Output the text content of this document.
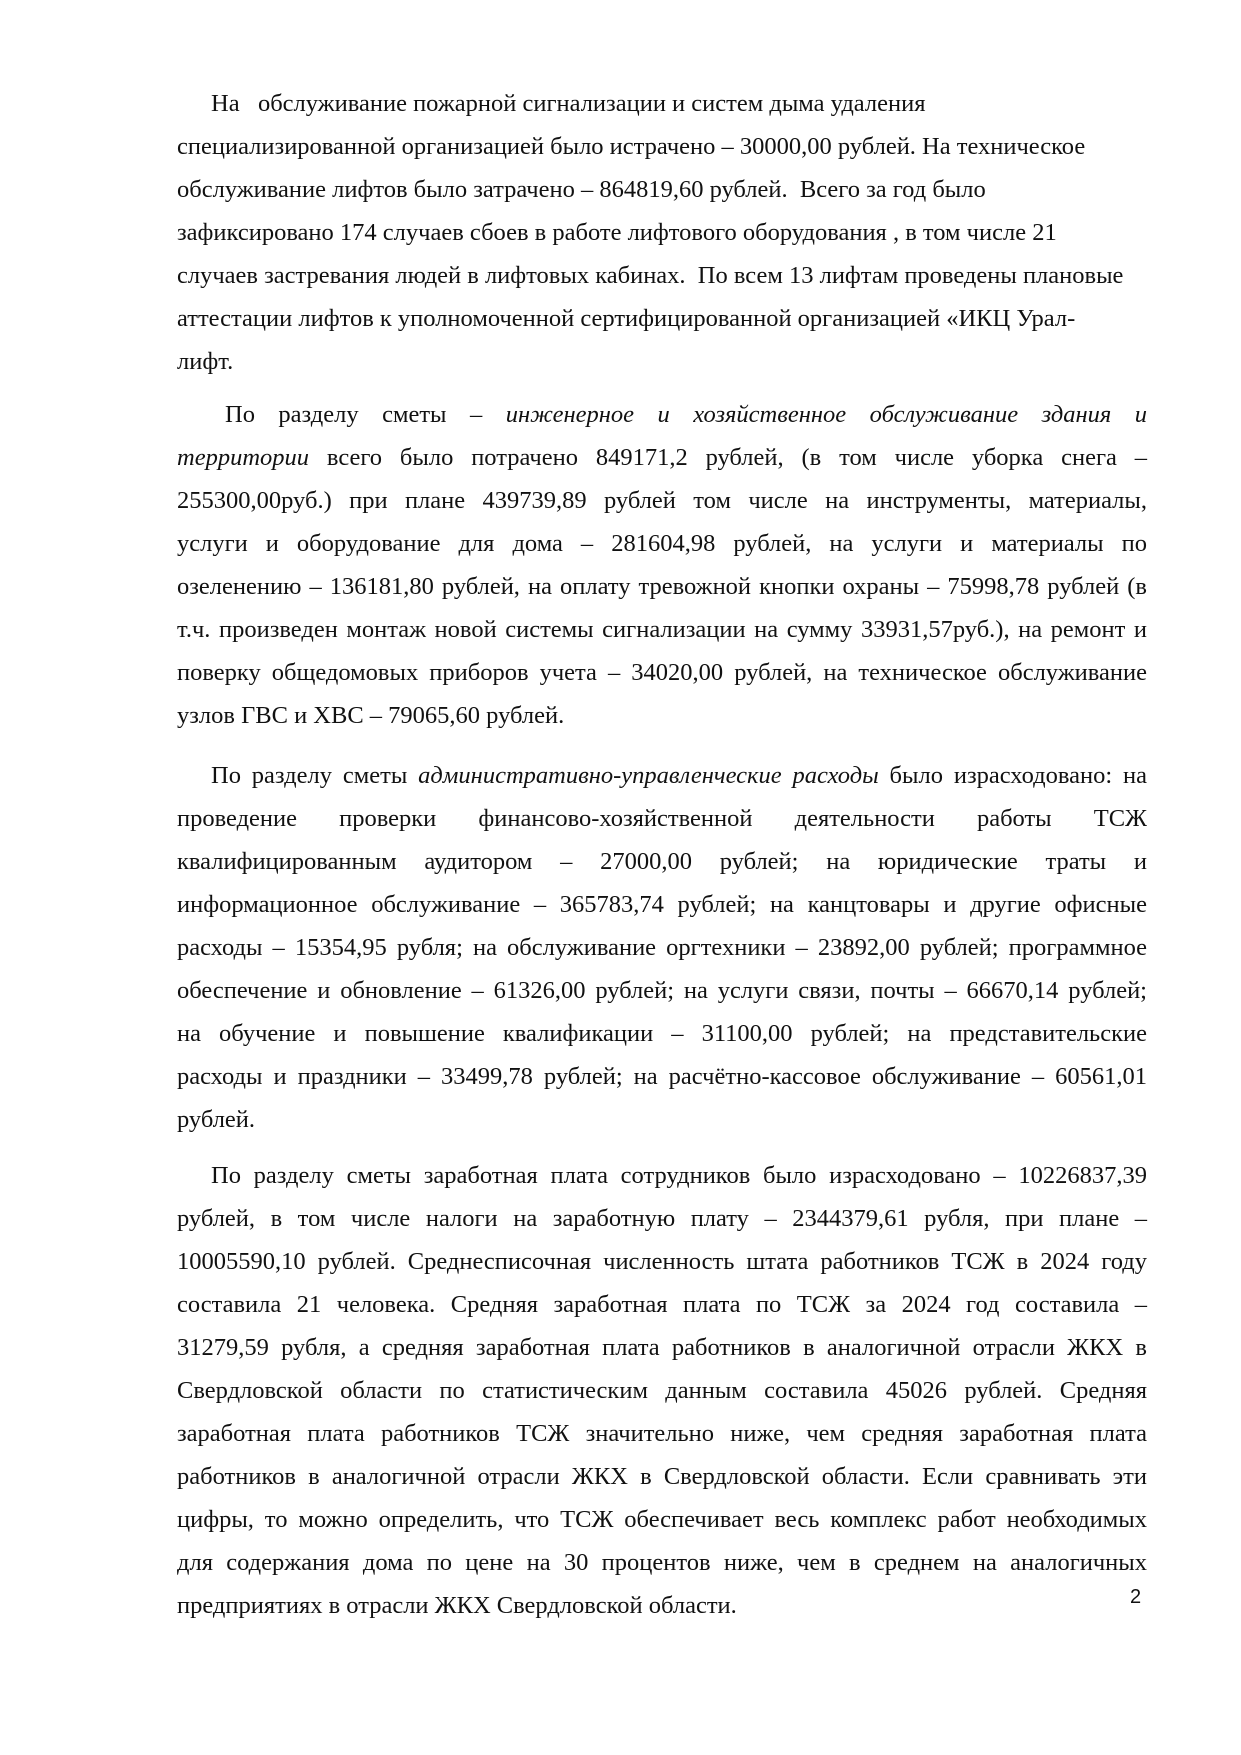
На   обслуживание пожарной сигнализации и систем дыма удаления
специализированной организацией было истрачено – 30000,00 рублей. На техническое
обслуживание лифтов было затрачено – 864819,60 рублей.  Всего за год было
зафиксировано 174 случаев сбоев в работе лифтового оборудования , в том числе 21
случаев застревания людей в лифтовых кабинах.  По всем 13 лифтам проведены плановые
аттестации лифтов к уполномоченной сертифицированной организацией «ИКЦ Урал-
лифт.
По разделу сметы – инженерное и хозяйственное обслуживание здания и
территории всего было потрачено 849171,2 рублей, (в том числе уборка снега –
255300,00руб.) при плане 439739,89 рублей том числе на инструменты, материалы,
услуги и оборудование для дома – 281604,98 рублей, на услуги и материалы по
озеленению – 136181,80 рублей, на оплату тревожной кнопки охраны – 75998,78 рублей (в
т.ч. произведен монтаж новой системы сигнализации на сумму 33931,57руб.), на ремонт и
поверку общедомовых приборов учета – 34020,00 рублей, на техническое обслуживание
узлов ГВС и ХВС – 79065,60 рублей.
По разделу сметы административно-управленческие расходы было израсходовано: на
проведение проверки финансово-хозяйственной деятельности работы ТСЖ
квалифицированным аудитором – 27000,00 рублей; на юридические траты и
информационное обслуживание – 365783,74 рублей; на канцтовары и другие офисные
расходы – 15354,95 рубля; на обслуживание оргтехники – 23892,00 рублей; программное
обеспечение и обновление – 61326,00 рублей; на услуги связи, почты – 66670,14 рублей;
на обучение и повышение квалификации – 31100,00 рублей; на представительские
расходы и праздники – 33499,78 рублей; на расчётно-кассовое обслуживание – 60561,01
рублей.
По разделу сметы заработная плата сотрудников было израсходовано – 10226837,39
рублей, в том числе налоги на заработную плату – 2344379,61 рубля, при плане –
10005590,10 рублей. Среднесписочная численность штата работников ТСЖ в 2024 году
составила 21 человека. Средняя заработная плата по ТСЖ за 2024 год составила –
31279,59 рубля, а средняя заработная плата работников в аналогичной отрасли ЖКХ в
Свердловской области по статистическим данным составила 45026 рублей. Средняя
заработная плата работников ТСЖ значительно ниже, чем средняя заработная плата
работников в аналогичной отрасли ЖКХ в Свердловской области. Если сравнивать эти
цифры, то можно определить, что ТСЖ обеспечивает весь комплекс работ необходимых
для содержания дома по цене на 30 процентов ниже, чем в среднем на аналогичных
предприятиях в отрасли ЖКХ Свердловской области.	2
